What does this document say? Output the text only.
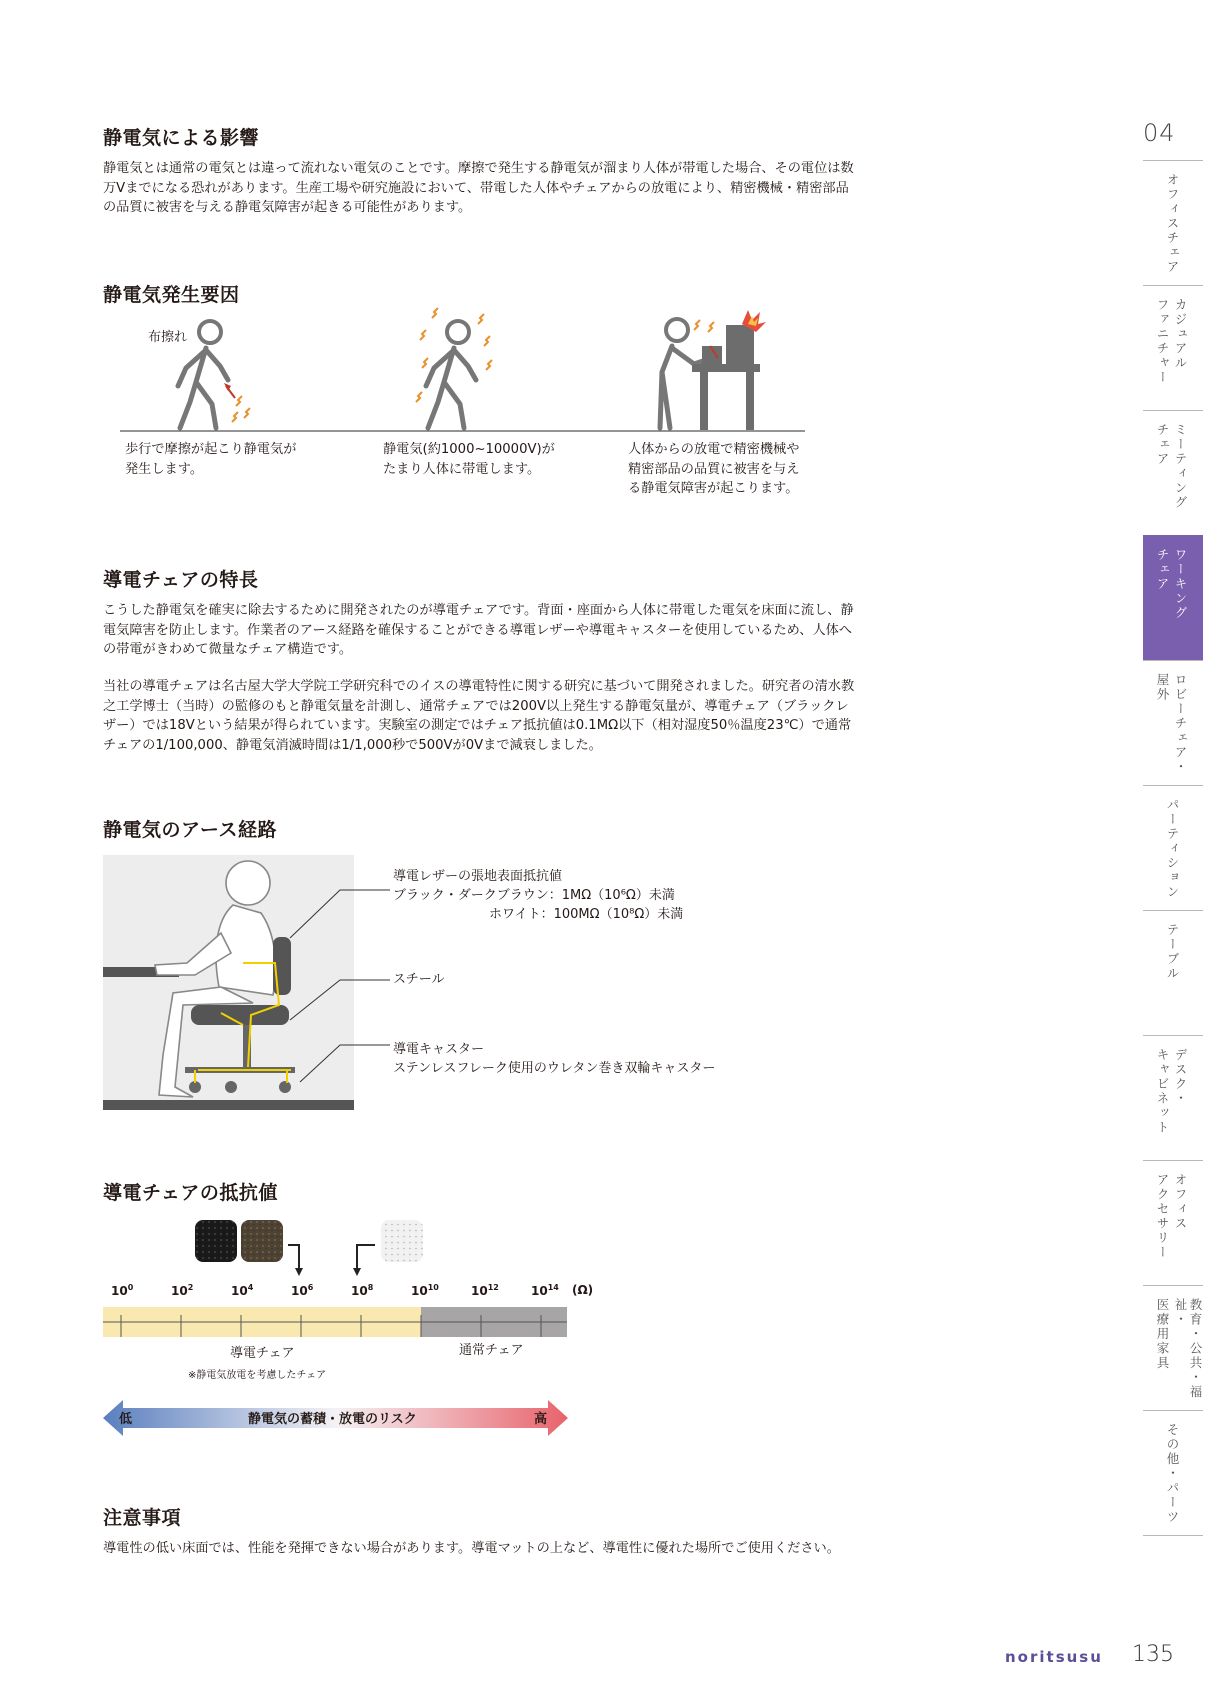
04
オフィスチェア
カジュアル
ファニチャー
ミーティング
チェア
ワーキング
チェア
ロビーチェア・
屋外
パーティション
テーブル
デスク・
キャビネット
オフィス
アクセサリー
教育・公共・福祉・
医療用家具
その他・パーツ
静電気による影響

静電気とは通常の電気とは違って流れない電気のことです。摩擦で発生する静電気が溜まり人体が帯電した場合、その電位は数万Vまでになる恐れがあります。生産工場や研究施設において、帯電した人体やチェアからの放電により、精密機械・精密部品の品質に被害を与える静電気障害が起きる可能性があります。

静電気発生要因
布擦れ
歩行で摩擦が起こり静電気が
発生します。
静電気(約1000~10000V)が
たまり人体に帯電します。
人体からの放電で精密機械や
精密部品の品質に被害を与え
る静電気障害が起こります。
導電チェアの特長

こうした静電気を確実に除去するために開発されたのが導電チェアです。背面・座面から人体に帯電した電気を床面に流し、静電気障害を防止します。作業者のアース経路を確保することができる導電レザーや導電キャスターを使用しているため、人体への帯電がきわめて微量なチェア構造です。

当社の導電チェアは名古屋大学大学院工学研究科でのイスの導電特性に関する研究に基づいて開発されました。研究者の清水教之工学博士（当時）の監修のもと静電気量を計測し、通常チェアでは200V以上発生する静電気量が、導電チェア（ブラックレザー）では18Vという結果が得られています。実験室の測定ではチェア抵抗値は0.1MΩ以下（相対湿度50％温度23℃）で通常チェアの1/100,000、静電気消滅時間は1/1,000秒で500Vが0Vまで減衰しました。

静電気のアース経路
導電レザーの張地表面抵抗値
ブラック・ダークブラウン：1MΩ（10⁶Ω）未満
ホワイト：100MΩ（10⁸Ω）未満
スチール
導電キャスター
ステンレスフレーク使用のウレタン巻き双輪キャスター
導電チェアの抵抗値
$10^0$	$10^2$	$10^4$	$10^6$	$10^8$	$10^{10}$	$10^{12}$	$10^{14}$ (Ω)
導電チェア
※静電気放電を考慮したチェア
通常チェア
低	静電気の蓄積・放電のリスク	高
注意事項

導電性の低い床面では、性能を発揮できない場合があります。導電マットの上など、導電性に優れた場所でご使用ください。

noritsusu 135
